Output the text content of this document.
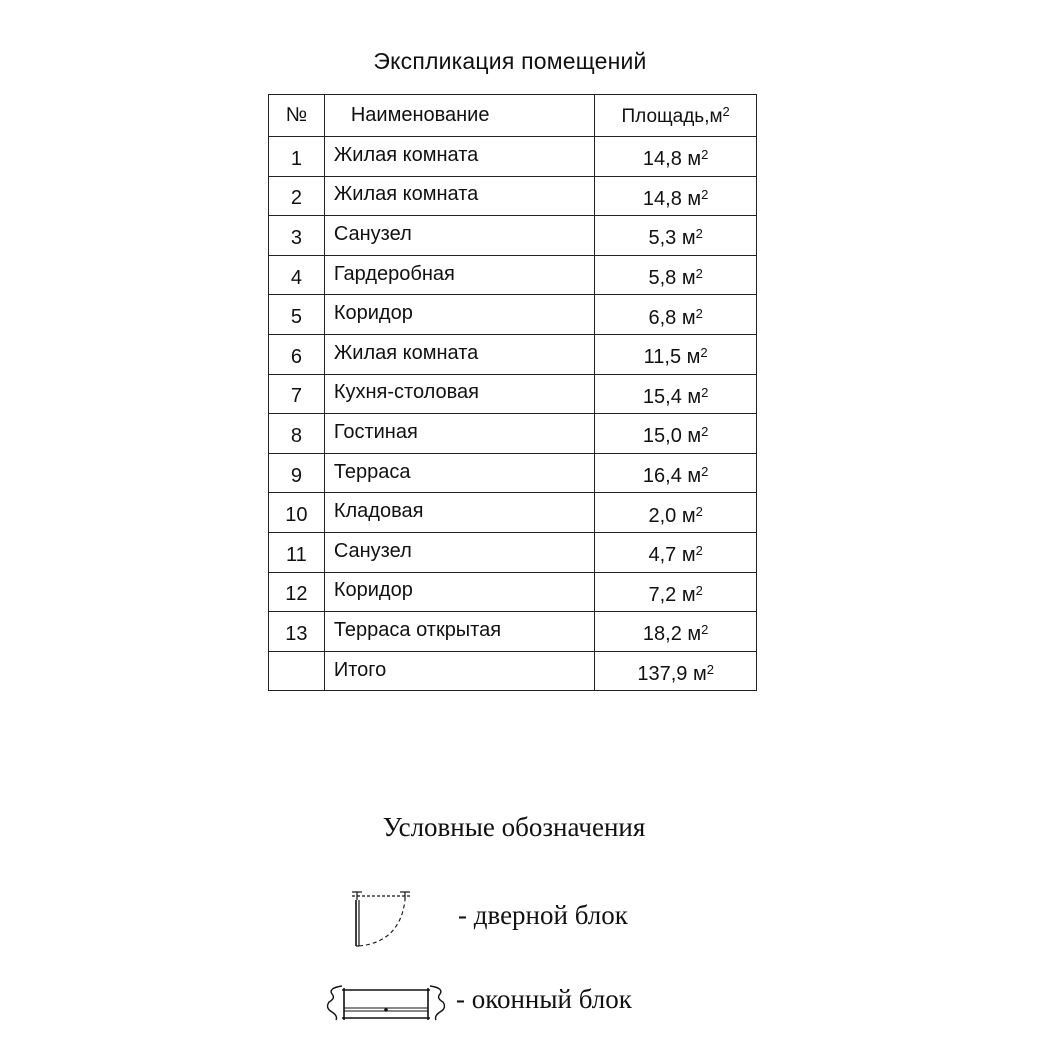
Экспликация помещений
№	Наименование	$Площадь,м^2$
1	Жилая комната	14,8 $м^2$
2	Жилая комната	14,8 $м^2$
3	Санузел	5,3 $м^2$
4	Гардеробная	5,8 $м^2$
5	Коридор	6,8 $м^2$
6	Жилая комната	11,5 $м^2$
7	Кухня-столовая	15,4 $м^2$
8	Гостиная	15,0 $м^2$
9	Терраса	16,4 $м^2$
10	Кладовая	2,0 $м^2$
11	Санузел	4,7 $м^2$
12	Коридор	7,2 $м^2$
13	Терраса открытая	18,2 $м^2$
	Итого	137,9 $м^2$
Условные обозначения
- дверной блок
- оконный блок
